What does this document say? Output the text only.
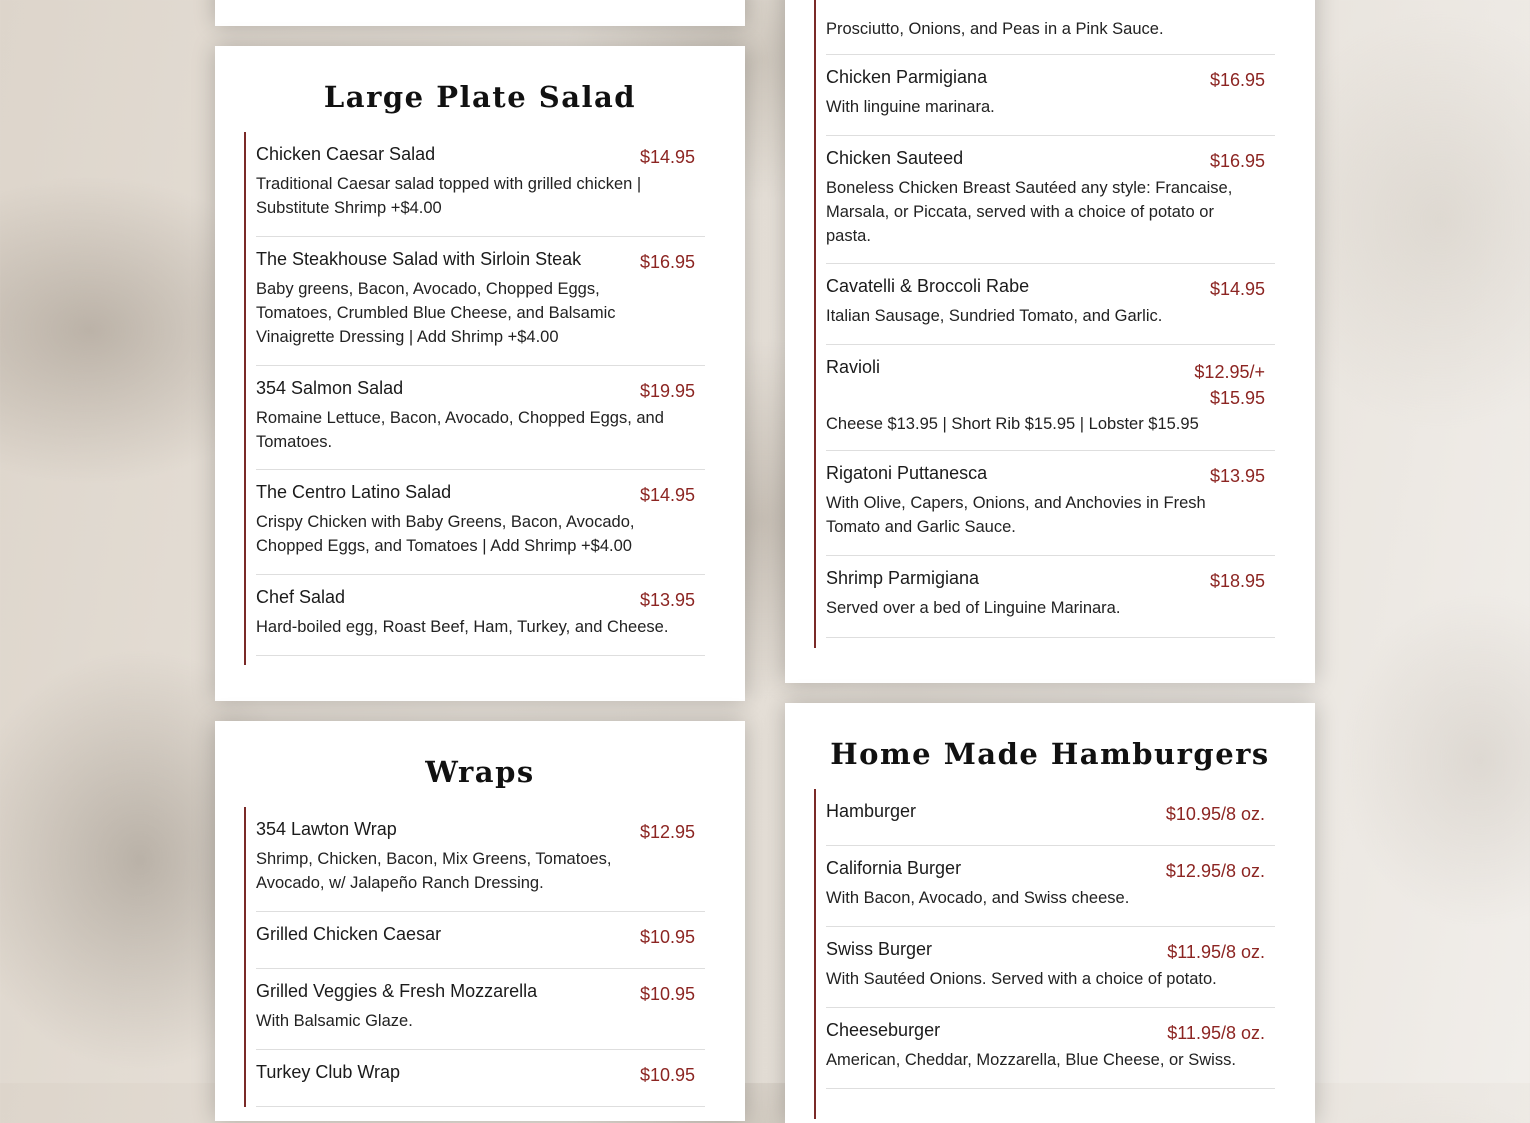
Large Plate Salad
Chicken Caesar Salad	$14.95
Traditional Caesar salad topped with grilled chicken | Substitute Shrimp +$4.00
The Steakhouse Salad with Sirloin Steak	$16.95
Baby greens, Bacon, Avocado, Chopped Eggs, Tomatoes, Crumbled Blue Cheese, and Balsamic Vinaigrette Dressing | Add Shrimp +$4.00
354 Salmon Salad	$19.95
Romaine Lettuce, Bacon, Avocado, Chopped Eggs, and Tomatoes.
The Centro Latino Salad	$14.95
Crispy Chicken with Baby Greens, Bacon, Avocado, Chopped Eggs, and Tomatoes | Add Shrimp +$4.00
Chef Salad	$13.95
Hard-boiled egg, Roast Beef, Ham, Turkey, and Cheese.
Wraps
354 Lawton Wrap	$12.95
Shrimp, Chicken, Bacon, Mix Greens, Tomatoes, Avocado, w/ Jalapeño Ranch Dressing.
Grilled Chicken Caesar	$10.95
Grilled Veggies & Fresh Mozzarella	$10.95
With Balsamic Glaze.
Turkey Club Wrap	$10.95
Prosciutto, Onions, and Peas in a Pink Sauce.
Chicken Parmigiana	$16.95
With linguine marinara.
Chicken Sauteed	$16.95
Boneless Chicken Breast Sautéed any style: Francaise, Marsala, or Piccata, served with a choice of potato or pasta.
Cavatelli & Broccoli Rabe	$14.95
Italian Sausage, Sundried Tomato, and Garlic.
Ravioli	$12.95/+ $15.95
Cheese $13.95 | Short Rib $15.95 | Lobster $15.95
Rigatoni Puttanesca	$13.95
With Olive, Capers, Onions, and Anchovies in Fresh Tomato and Garlic Sauce.
Shrimp Parmigiana	$18.95
Served over a bed of Linguine Marinara.
Home Made Hamburgers
Hamburger	$10.95/8 oz.
California Burger	$12.95/8 oz.
With Bacon, Avocado, and Swiss cheese.
Swiss Burger	$11.95/8 oz.
With Sautéed Onions. Served with a choice of potato.
Cheeseburger	$11.95/8 oz.
American, Cheddar, Mozzarella, Blue Cheese, or Swiss.
